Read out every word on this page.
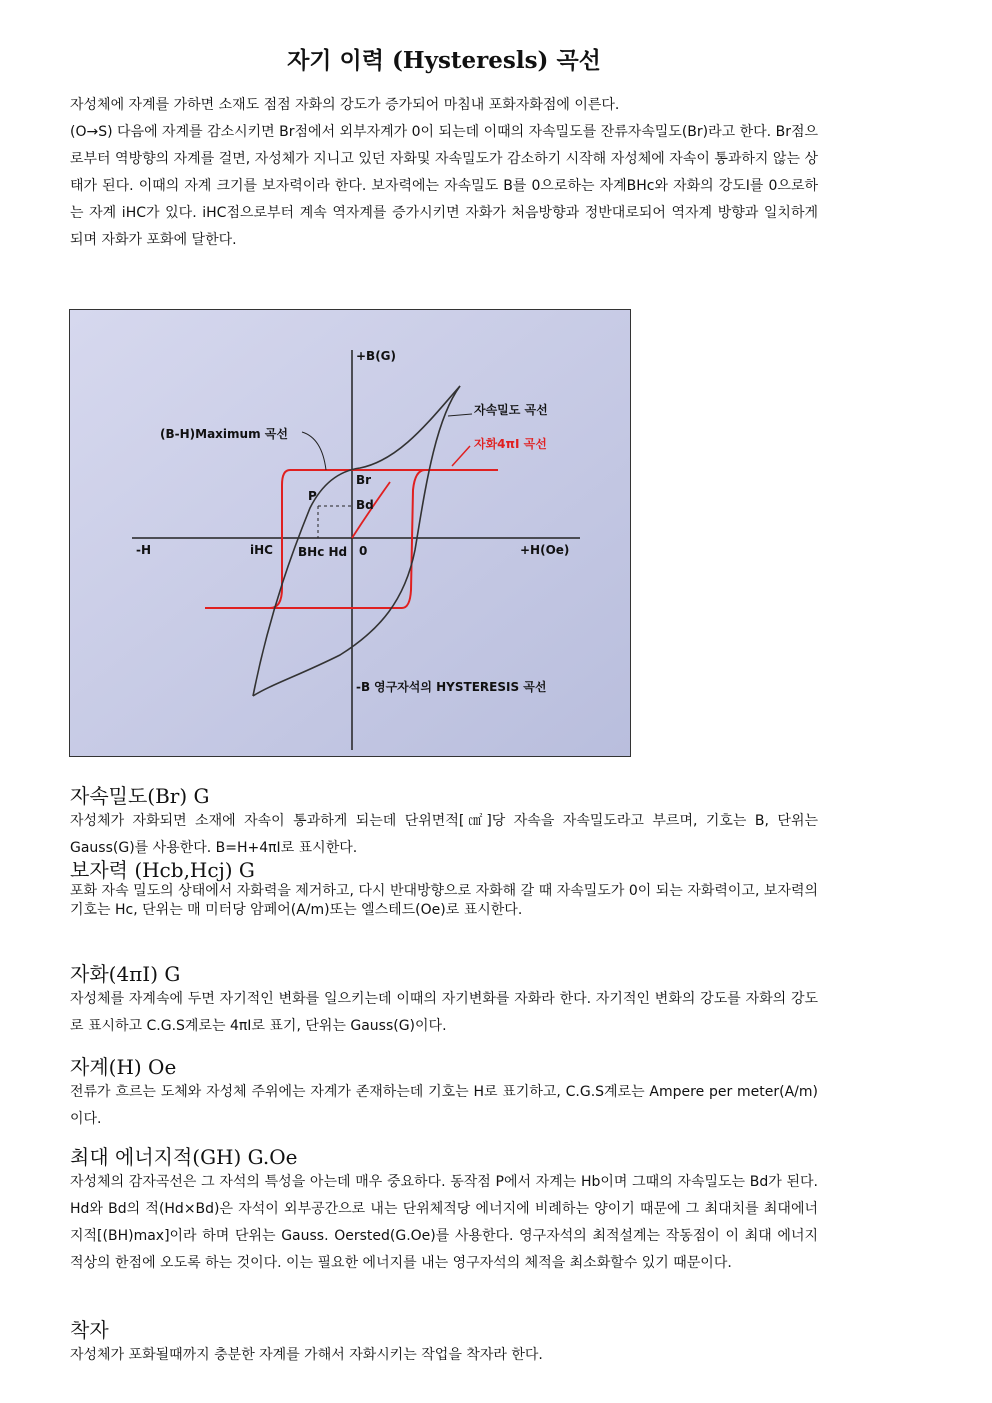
자기 이력 (Hysteresls) 곡선

자성체에 자계를 가하면 소재도 점점 자화의 강도가 증가되어 마침내 포화자화점에 이른다.

(O→S) 다음에 자계를 감소시키면 Br점에서 외부자계가 0이 되는데 이때의 자속밀도를 잔류자속밀도(Br)라고 한다. Br점으로부터 역방향의 자계를 걸면, 자성체가 지니고 있던 자화및 자속밀도가 감소하기 시작해 자성체에 자속이 통과하지 않는 상태가 된다. 이때의 자계 크기를 보자력이라 한다. 보자력에는 자속밀도 B를 0으로하는 자계BHc와 자화의 강도I를 0으로하는 자계 iHC가 있다. iHC점으로부터 계속 역자계를 증가시키면 자화가 처음방향과 정반대로되어 역자계 방향과 일치하게 되며 자화가 포화에 달한다.

+B(G)
-H	+H(Oe)
iHC BHc Hd 0
Br
Bd
P
(B-H)Maximum 곡선
자속밀도 곡선
자화4πI 곡선
-B 영구자석의 HYSTERESIS 곡선
자속밀도(Br) G

자성체가 자화되면 소재에 자속이 통과하게 되는데 단위면적[㎠]당 자속을 자속밀도라고 부르며, 기호는 B, 단위는 Gauss(G)를 사용한다. B=H+4πI로 표시한다.

보자력 (Hcb,Hcj) G

포화 자속 밀도의 상태에서 자화력을 제거하고, 다시 반대방향으로 자화해 갈 때 자속밀도가 0이 되는 자화력이고, 보자력의 기호는 Hc, 단위는 매 미터당 암페어(A/m)또는 엘스테드(Oe)로 표시한다.

자화(4πI) G

자성체를 자계속에 두면 자기적인 변화를 일으키는데 이때의 자기변화를 자화라 한다. 자기적인 변화의 강도를 자화의 강도로 표시하고 C.G.S계로는 4πI로 표기, 단위는 Gauss(G)이다.

자계(H) Oe

전류가 흐르는 도체와 자성체 주위에는 자계가 존재하는데 기호는 H로 표기하고, C.G.S계로는 Ampere per meter(A/m)이다.

최대 에너지적(GH) G.Oe

자성체의 감자곡선은 그 자석의 특성을 아는데 매우 중요하다. 동작점 P에서 자계는 Hb이며 그때의 자속밀도는 Bd가 된다. Hd와 Bd의 적(Hd×Bd)은 자석이 외부공간으로 내는 단위체적당 에너지에 비례하는 양이기 때문에 그 최대치를 최대에너지적[(BH)max]이라 하며 단위는 Gauss. Oersted(G.Oe)를 사용한다. 영구자석의 최적설계는 작동점이 이 최대 에너지적상의 한점에 오도록 하는 것이다. 이는 필요한 에너지를 내는 영구자석의 체적을 최소화할수 있기 때문이다.

착자

자성체가 포화될때까지 충분한 자계를 가해서 자화시키는 작업을 착자라 한다.
